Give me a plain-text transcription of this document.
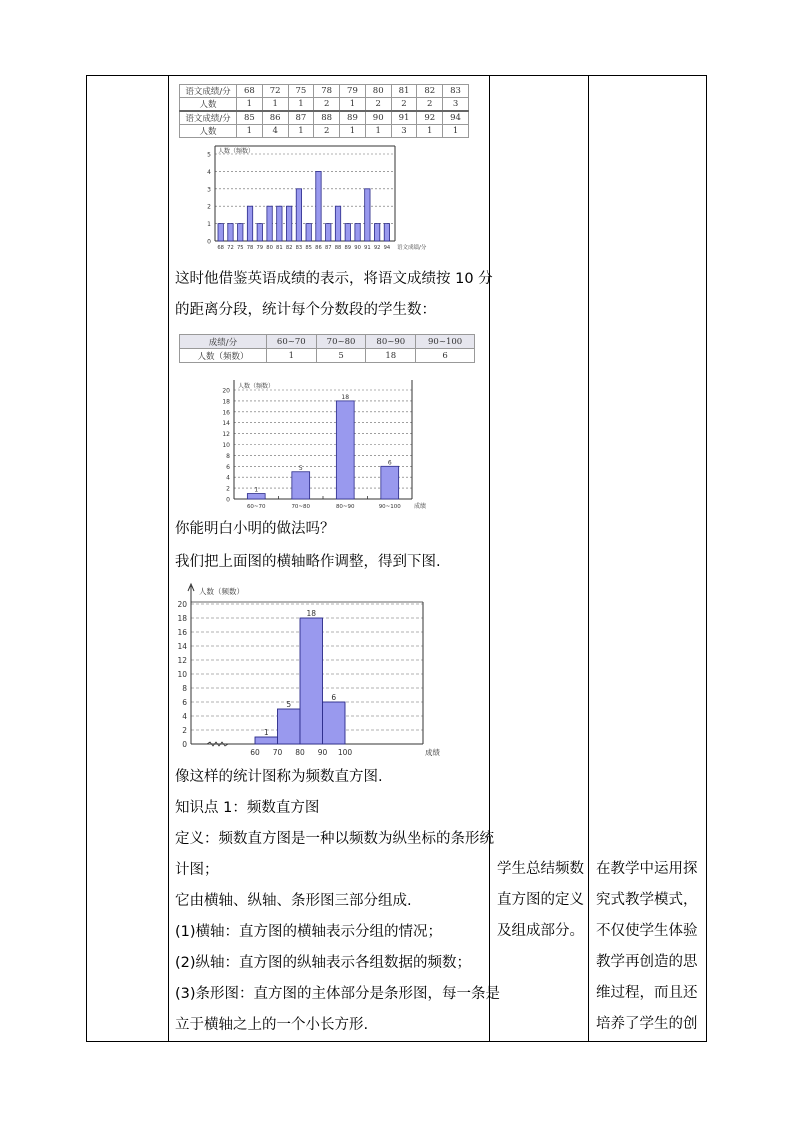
语文成绩/分	68	72	75	78	79	80	81	82	83
人数	1	1	1	2	1	2	2	2	3
语文成绩/分	85	86	87	88	89	90	91	92	94
人数	1	4	1	2	1	1	3	1	1
0
1
2
3
4
5 人数（频数）
68 72 75 78 79 80 81 82 83 85 86 87 88 89 90 91 92 94 语文成绩/分
这时他借鉴英语成绩的表示，将语文成绩按 10 分
的距离分段，统计每个分数段的学生数：
成绩/分	60~70	70~80	80~90	90~100
人数（频数）	1	5	18	6
0
2
4
6
8
10
12
14
16
18
20
人数（频数）
1
60~70
5
70~80
18
80~90
6
90~100 成绩
你能明白小明的做法吗？
我们把上面图的横轴略作调整，得到下图.
0
2
4
6
8
10
12
14
16
18
20
人数（频数）
60 70 80 90 100
1
5
18
6
成绩
像这样的统计图称为频数直方图.
知识点 1：频数直方图
定义：频数直方图是一种以频数为纵坐标的条形统
计图；
它由横轴、纵轴、条形图三部分组成.
(1)横轴：直方图的横轴表示分组的情况；
(2)纵轴：直方图的纵轴表示各组数据的频数；
(3)条形图：直方图的主体部分是条形图，每一条是
立于横轴之上的一个小长方形.
学生总结频数
直方图的定义
及组成部分。
在教学中运用探
究式教学模式，
不仅使学生体验
教学再创造的思
维过程，而且还
培养了学生的创
